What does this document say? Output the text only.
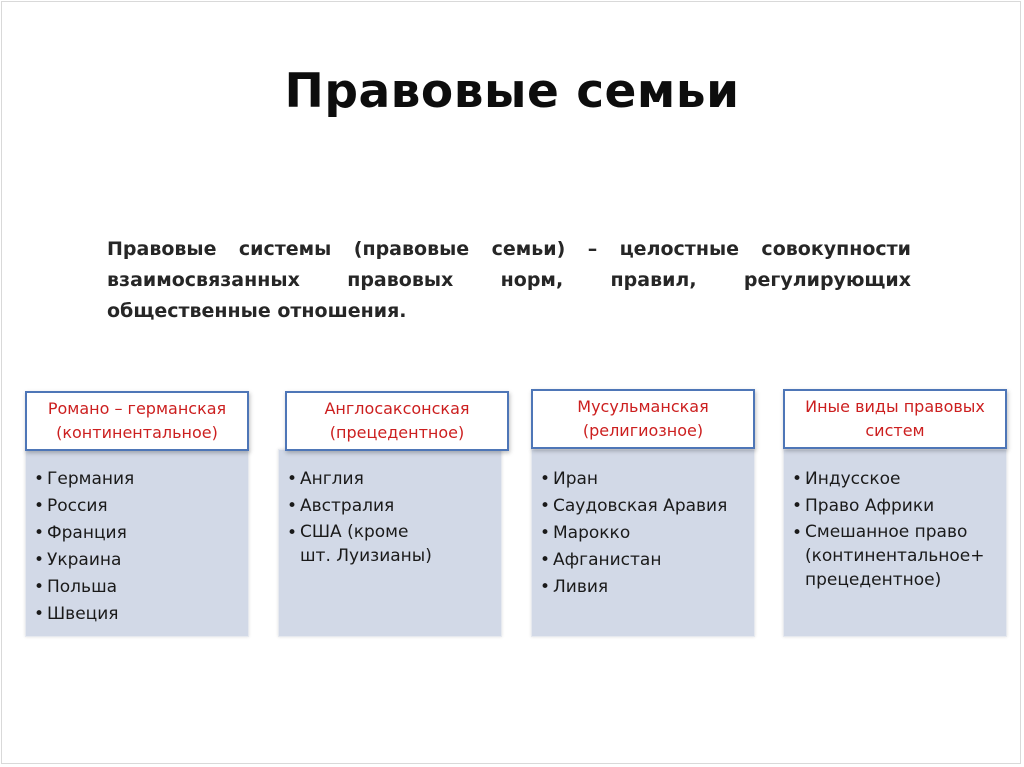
Правовые семьи
Правовые системы (правовые семьи) – целостные совокупности взаимосвязанных правовых норм, правил, регулирующих общественные отношения.
• Германия
• Россия
• Франция
• Украина
• Польша
• Швеция
Романо – германская
(континентальное)
• Англия
• Австралия
• США (кроме
шт. Луизианы)
Англосаксонская
(прецедентное)
• Иран
• Саудовская Аравия
• Марокко
• Афганистан
• Ливия
Мусульманская
(религиозное)
• Индусское
• Право Африки
• Смешанное право
(континентальное+
прецедентное)
Иные виды правовых
систем
